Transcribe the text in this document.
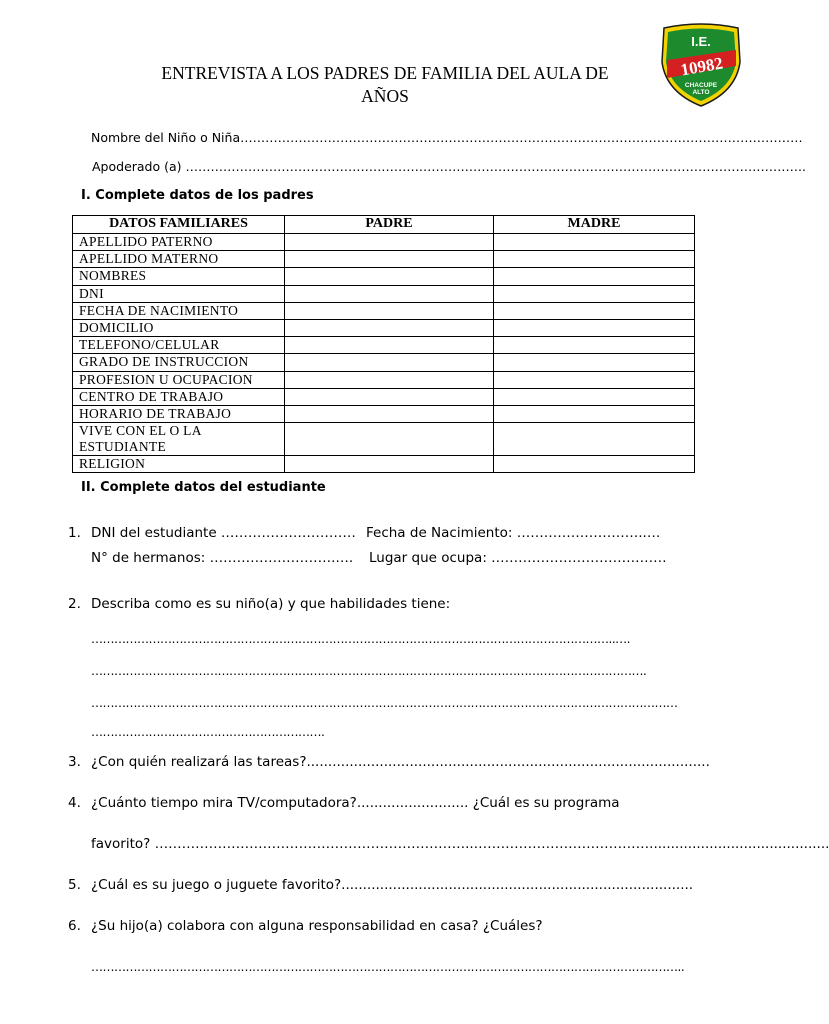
I.E.
10982
CHACUPE
ALTO
ENTREVISTA A LOS PADRES DE FAMILIA DEL AULA DE
AÑOS
Nombre del Niño o Niña………………………………………………………………………………………………………………………
Apoderado (a) …………………………………………………………………………………………………………………………………..
I. Complete datos de los padres
DATOS FAMILIARES	PADRE	MADRE
APELLIDO PATERNO		
APELLIDO MATERNO		
NOMBRES		
DNI		
FECHA DE NACIMIENTO		
DOMICILIO		
TELEFONO/CELULAR		
GRADO DE INSTRUCCION		
PROFESION U OCUPACION		
CENTRO DE TRABAJO		
HORARIO DE TRABAJO		
VIVE CON EL O LA ESTUDIANTE		
RELIGION		
II. Complete datos del estudiante
1. DNI del estudiante ………………………… Fecha de Nacimiento: ………………………..…
N° de hermanos: ……………………….…. Lugar que ocupa: …………………………………
2. Describa como es su niño(a) y que habilidades tiene:
………………………………………………………………………………………………………………………..….
……………………………………………………………………………………………………………………………….
………………………………………………………………………………………………………………………………………
…………………………………………………….
3. ¿Con quién realizará las tareas?..............................................................................................
4. ¿Cuánto tiempo mira TV/computadora?.......................... ¿Cuál es su programa
favorito? ……………………………………………………………..…………………………………..........................................
5. ¿Cuál es su juego o juguete favorito?..................................................................................
6. ¿Su hijo(a) colabora con alguna responsabilidad en casa? ¿Cuáles?
………………………………………………………………………………………………………………………………………..
